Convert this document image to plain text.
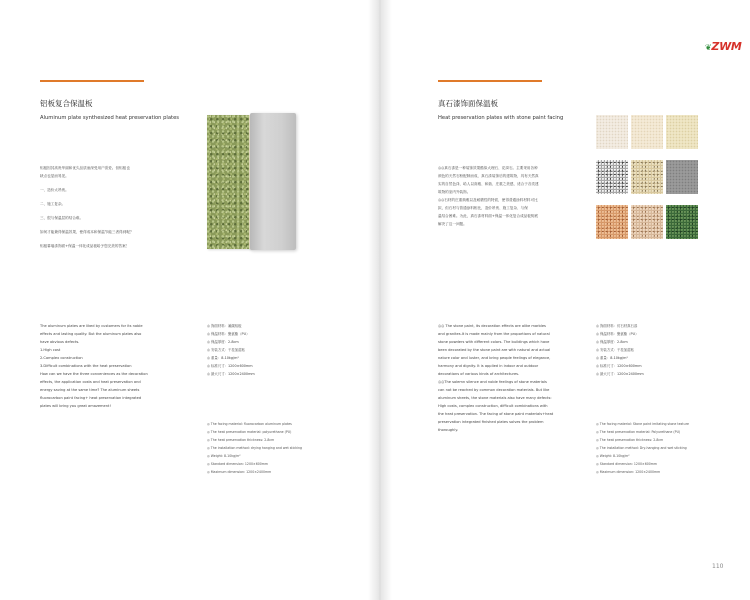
❦ZWM
铝板复合保温板
Aluminum plate synthesized heat preservation plates
铝板因其高贵华丽和优久品质而深受用户喜爱。但铝板也
缺点也显而易见。
一、造价太昂贵。
二、施工复杂。
三、很与保温层的结合难。
如何才能兼得保温效果，使得成本和保温节能三者得到呢？
铝板幕墙漆饰面+保温一体化成品板给予您完美的答案！
The aluminum plates are liked by customers for its noble
effects and lasting quality. But the aluminum plates also
have obvious defects.
1.High cost
2.Complex construction
3.Difficult combinations with the heat preservation
How can we have the three conveniences as the decoration
effects, the application costs and heat preservation and
energy saving at the same time? The aluminum sheets
fluorocarbon paint facing+ heat preservation integrated
plates will bring you great amazement!
◎ 饰面材料：氟碳铝板
◎ 保温材料：聚氨酯（PU）
◎ 保温厚度：2-8cm
◎ 安装方式：干挂加湿粘
◎ 重量：8-10kg/m²
◎ 标准尺寸：1200×600mm
◎ 最大尺寸：1200×2400mm
◎ The facing material: fluorocarbon aluminum plates
◎ The heat preservation material: polyurethane (PU)
◎ The heat preservation thickness: 2-8cm
◎ The installation method: drying hanging and wet sticking
◎ Weight: 8-10kg/m²
◎ Standard dimension: 1200×600mm
◎ Maximum dimension: 1200×2400mm
真石漆饰面保温板
Heat preservation plates with stone paint facing
◎◎真石漆是一种装饰效果酷似大理石、花岗石。主要采用各种
颜色的天然石粉配制而成，真石漆装饰后的建筑物，具有天然真
实的自然色泽，给人以高雅、和谐、庄重之美感，适合于各类建
筑物的室内外装饰。
◎◎石材的庄重典雅以及耐磨性的特质，使得普通涂料材料可比
拟，但石材与普通涂料相比，造价昂贵、施工复杂、与保
温结合困难。为此，真石漆材料面+保温一体化复合成品板彻底
解决了这一问题。
◎◎ The stone paint, its decoration effects are alike marbles
and granites.It is made mainly from the proportions of natural
stone powders with different colors. The buildings which have
been decorated by the stone paint are with natural and actual
nature color and luster, and bring people feelings of elegance,
harmony and dignity. It is applied in indoor and outdoor
decorations of various kinds of architectures.
◎◎The solemn silence and noble feelings of stone materials
can not be reached by common decoration materials. But like
aluminum sheets, the stone materials also have many defects:
High costs, complex construction, difficult combinations with
the heat preservation. The facing of stone paint materials+heat
preservation integrated finished plates solves the problem
thoroughly.
◎ 饰面材料：仿石材真石漆
◎ 保温材料：聚氨酯（PU）
◎ 保温厚度：2-8cm
◎ 安装方式：干挂加湿粘
◎ 重量：8-10kg/m²
◎ 标准尺寸：1200×600mm
◎ 最大尺寸：1200×2400mm
◎ The facing material: Stone paint imitating stone texture
◎ The heat preservation material: Polyurethane (PU)
◎ The heat preservation thickness: 2-8cm
◎ The installation method: Dry-hanging and wet sticking
◎ Weight: 8-10kg/m²
◎ Standard dimension: 1200×600mm
◎ Maximum dimension: 1200×2400mm
110
